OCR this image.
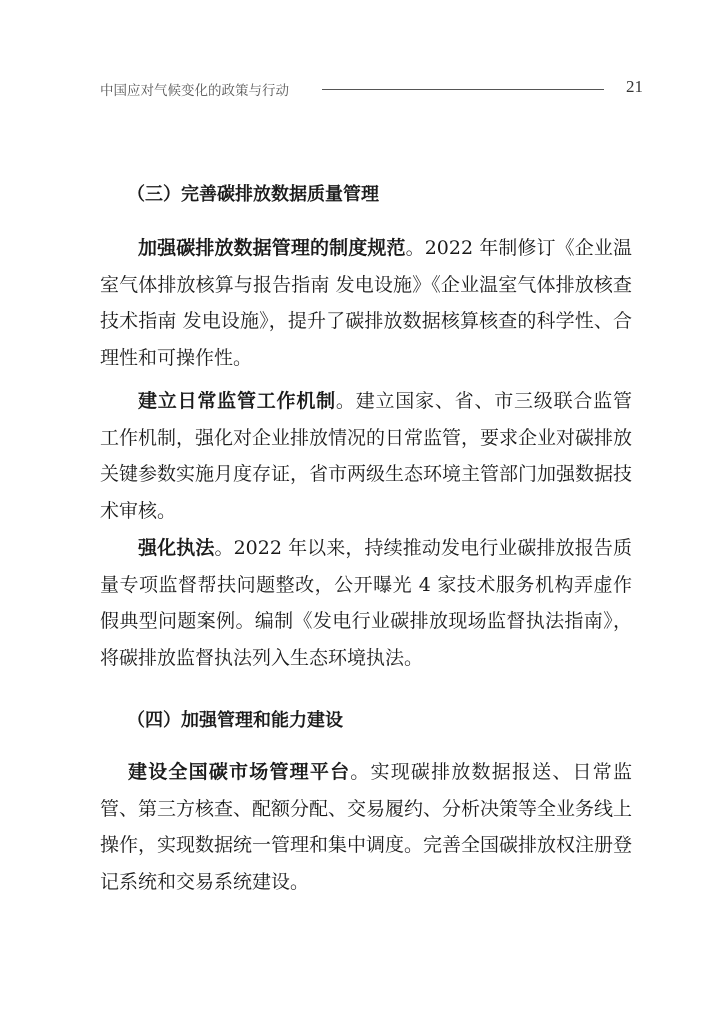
中国应对气候变化的政策与行动	21
（三）完善碳排放数据质量管理

加强碳排放数据管理的制度规范。2022 年制修订《企业温室气体排放核算与报告指南 发电设施》《企业温室气体排放核查技术指南 发电设施》，提升了碳排放数据核算核查的科学性、合理性和可操作性。

建立日常监管工作机制。建立国家、省、市三级联合监管工作机制，强化对企业排放情况的日常监管，要求企业对碳排放关键参数实施月度存证，省市两级生态环境主管部门加强数据技术审核。

强化执法。2022 年以来，持续推动发电行业碳排放报告质量专项监督帮扶问题整改，公开曝光 4 家技术服务机构弄虚作假典型问题案例。编制《发电行业碳排放现场监督执法指南》，将碳排放监督执法列入生态环境执法。

（四）加强管理和能力建设

建设全国碳市场管理平台。实现碳排放数据报送、日常监管、第三方核查、配额分配、交易履约、分析决策等全业务线上操作，实现数据统一管理和集中调度。完善全国碳排放权注册登记系统和交易系统建设。
